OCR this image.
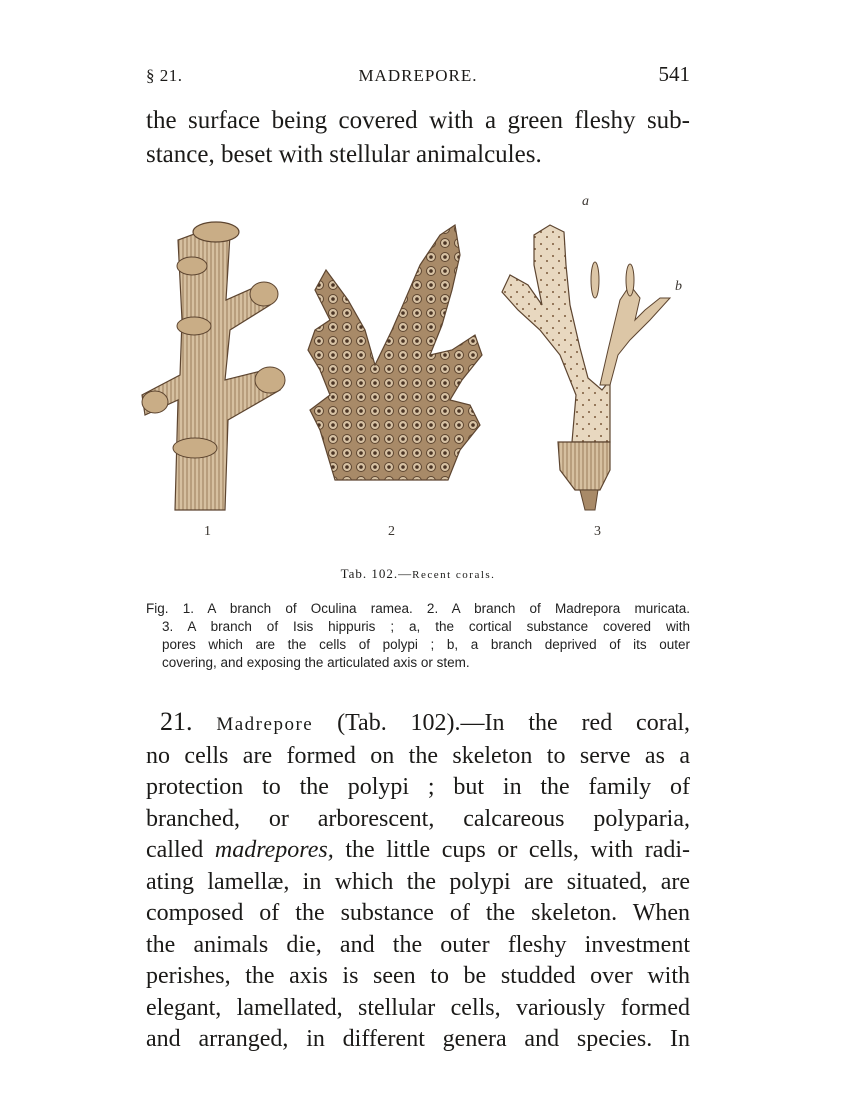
§ 21.	MADREPORE.	541
the surface being covered with a green fleshy sub-
stance, beset with stellular animalcules.
a
b
1	2	3
Tab. 102.—Recent corals.
Fig. 1. A branch of Oculina ramea. 2. A branch of Madrepora muricata.
3. A branch of Isis hippuris ; a, the cortical substance covered with
pores which are the cells of polypi ; b, a branch deprived of its outer
covering, and exposing the articulated axis or stem.
21. Madrepore (Tab. 102).—In the red coral,
no cells are formed on the skeleton to serve as a
protection to the polypi ; but in the family of
branched, or arborescent, calcareous polyparia,
called madrepores, the little cups or cells, with radi-
ating lamellæ, in which the polypi are situated, are
composed of the substance of the skeleton. When
the animals die, and the outer fleshy investment
perishes, the axis is seen to be studded over with
elegant, lamellated, stellular cells, variously formed
and arranged, in different genera and species. In
